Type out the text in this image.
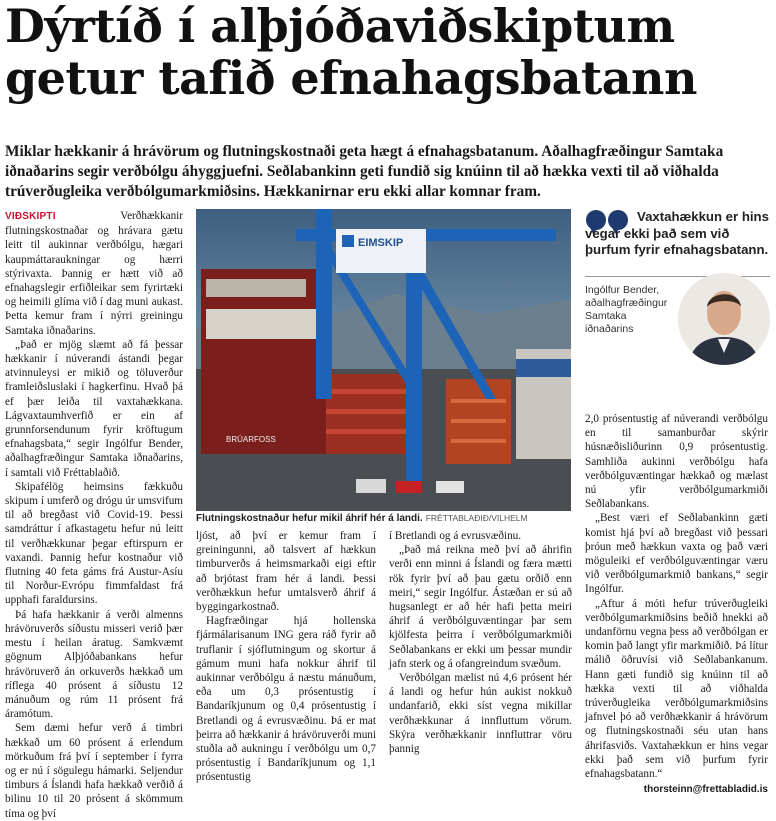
Dýrtíð í alþjóðaviðskiptum
getur tafið efnahagsbatann

Miklar hækkanir á hrávörum og flutningskostnaði geta hægt á efnahagsbatanum. Aðalhagfræðingur Samtaka iðnaðarins segir verðbólgu áhyggjuefni. Seðlabankinn geti fundið sig knúinn til að hækka vexti til að viðhalda trúverðugleika verðbólgumarkmiðsins. Hækkanirnar eru ekki allar komnar fram.

VIÐSKIPTI	Verðhækkanir flutningskostnaðar og hrávara gætu leitt til aukinnar verðbólgu, hægari kaupmáttaraukningar og hærri stýrivaxta. Þannig er hætt við að efnahagslegir erfiðleikar sem fyrirtæki og heimili glíma við í dag muni aukast. Þetta kemur fram í nýrri greiningu Samtaka iðnaðarins.

„Það er mjög slæmt að fá þessar hækkanir í núverandi ástandi þegar atvinnuleysi er mikið og töluverður framleiðsluslaki í hagkerfinu. Hvað þá ef þær leiða til vaxtahækkana. Lágvaxtaumhverfið er ein af grunnforsendunum fyrir kröftugum efnahagsbata,“ segir Ingólfur Bender, aðalhagfræðingur Samtaka iðnaðarins, í samtali við Fréttablaðið.

Skipafélög heimsins fækkuðu skipum í umferð og drógu úr umsvifum til að bregðast við Covid-19. Þessi samdráttur í afkastagetu hefur nú leitt til verðhækkunar þegar eftirspurn er vaxandi. Þannig hefur kostnaður við flutning 40 feta gáms frá Austur-Asíu til Norður-Evrópu fimmfaldast frá upphafi faraldursins.

Þá hafa hækkanir á verði almenns hrávöruverðs síðustu misseri verið þær mestu í heilan áratug. Samkvæmt gögnum Alþjóðabankans hefur hrávöruverð án orkuverðs hækkað um ríflega 40 prósent á síðustu 12 mánuðum og rúm 11 prósent frá áramótum.

Sem dæmi hefur verð á timbri hækkað um 60 prósent á erlendum mörkuðum frá því í september í fyrra og er nú í sögulegu hámarki. Seljendur timburs á Íslandi hafa hækkað verðið á bilinu 10 til 20 prósent á skömmum tíma og því

BRÚARFOSS
EIMSKIP
Flutningskostnaður hefur mikil áhrif hér á landi. FRÉTTABLAÐIÐ/VILHELM

ljóst, að því er kemur fram í greiningunni, að talsvert af hækkun timburverðs á heimsmarkaði eigi eftir að brjótast fram hér á landi. Þessi verðhækkun hefur umtalsverð áhrif á byggingarkostnað.

Hagfræðingar hjá hollenska fjármálarisanum ING gera ráð fyrir að truflanir í sjóflutningum og skortur á gámum muni hafa nokkur áhrif til aukinnar verðbólgu á næstu mánuðum, eða um 0,3 prósentustig í Bandaríkjunum og 0,4 prósentustig í Bretlandi og á evrusvæðinu. Þá er mat þeirra að hækkanir á hrávöruverði muni stuðla að aukningu í verðbólgu um 0,7 prósentustig í Bandaríkjunum og 1,1 prósentustig

í Bretlandi og á evrusvæðinu.

„Það má reikna með því að áhrifin verði enn minni á Íslandi og færa mætti rök fyrir því að þau gætu orðið enn meiri,“ segir Ingólfur. Ástæðan er sú að hugsanlegt er að hér hafi þetta meiri áhrif á verðbólguvæntingar þar sem kjölfesta þeirra í verðbólgumarkmiði Seðlabankans er ekki um þessar mundir jafn sterk og á ofangreindum svæðum.

Verðbólgan mælist nú 4,6 prósent hér á landi og hefur hún aukist nokkuð undanfarið, ekki síst vegna mikillar verðhækkunar á innfluttum vörum. Skýra verðhækkanir innfluttrar vöru þannig

Vaxtahækkun er hins vegar ekki það sem við þurfum fyrir efnahagsbatann.

Ingólfur Bender, aðalhagfræðingur Samtaka iðnaðarins

2,0 prósentustig af núverandi verðbólgu en til samanburðar skýrir húsnæðisliðurinn 0,9 prósentustig. Samhliða aukinni verðbólgu hafa verðbólguvæntingar hækkað og mælast nú yfir verðbólgumarkmiði Seðlabankans.

„Best væri ef Seðlabankinn gæti komist hjá því að bregðast við þessari þróun með hækkun vaxta og það væri möguleiki ef verðbólguvæntingar væru við verðbólgumarkmið bankans,“ segir Ingólfur.

„Aftur á móti hefur trúverðugleiki verðbólgumarkmiðsins beðið hnekki að undanförnu vegna þess að verðbólgan er komin það langt yfir markmiðið. Þá lítur málið öðruvísi við Seðlabankanum. Hann gæti fundið sig knúinn til að hækka vexti til að viðhalda trúverðugleika verðbólgumarkmiðsins jafnvel þó að verðhækkanir á hrávörum og flutningskostnaði séu utan hans áhrifasviðs. Vaxtahækkun er hins vegar ekki það sem við þurfum fyrir efnahagsbatann.“

thorsteinn@frettabladid.is
